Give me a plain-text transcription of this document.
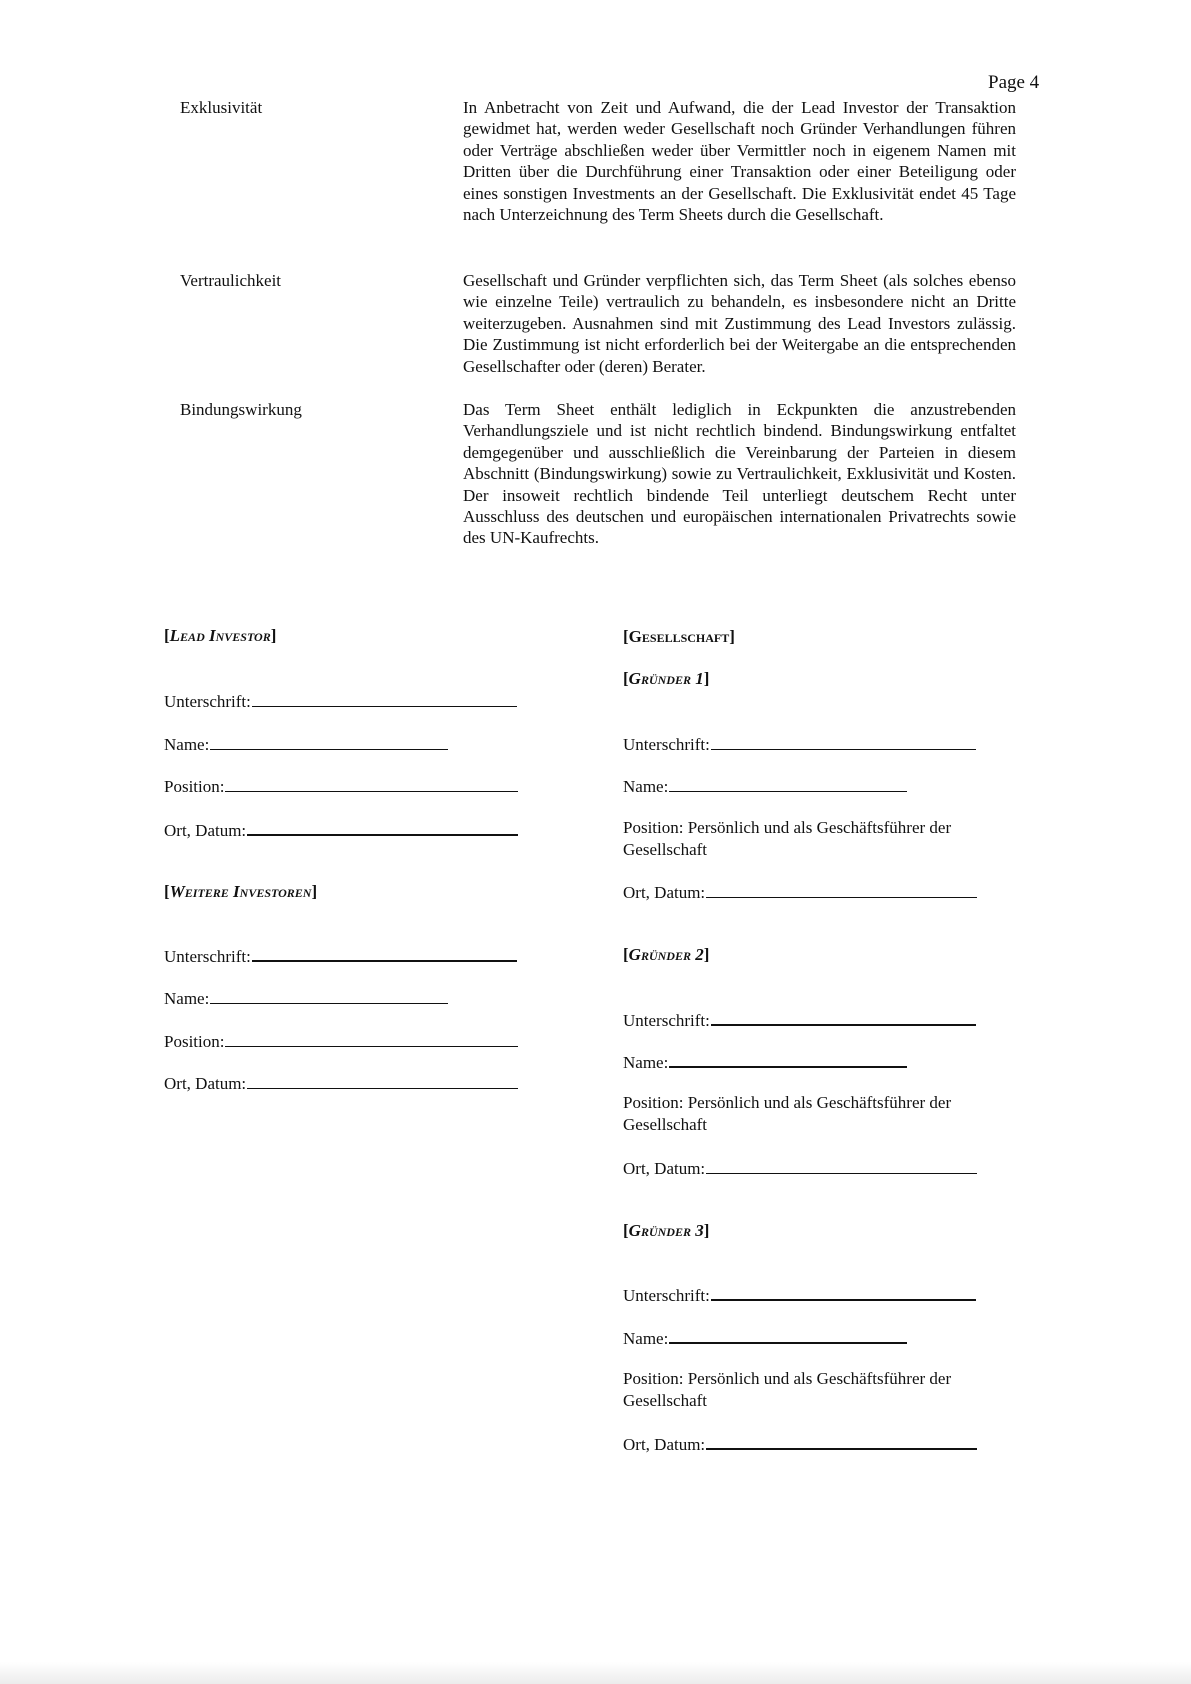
Page 4
Exklusivität	In Anbetracht von Zeit und Aufwand, die der Lead Investor der Transaktion gewidmet hat, werden weder Gesellschaft noch Gründer Verhandlungen führen oder Verträge abschließen weder über Vermittler noch in eigenem Namen mit Dritten über die Durchführung einer Transaktion oder einer Beteiligung oder eines sonstigen Investments an der Gesellschaft. Die Exklusivität endet 45 Tage nach Unterzeichnung des Term Sheets durch die Gesellschaft.
Vertraulichkeit	Gesellschaft und Gründer verpflichten sich, das Term Sheet (als solches ebenso wie einzelne Teile) vertraulich zu behandeln, es insbesondere nicht an Dritte weiterzugeben. Ausnahmen sind mit Zustimmung des Lead Investors zulässig. Die Zustimmung ist nicht erforderlich bei der Weitergabe an die entsprechenden Gesellschafter oder (deren) Berater.
Bindungswirkung	Das Term Sheet enthält lediglich in Eckpunkten die anzustrebenden Verhandlungsziele und ist nicht rechtlich bindend. Bindungswirkung entfaltet demgegenüber und ausschließlich die Vereinbarung der Parteien in diesem Abschnitt (Bindungswirkung) sowie zu Vertraulichkeit, Exklusivität und Kosten. Der insoweit rechtlich bindende Teil unterliegt deutschem Recht unter Ausschluss des deutschen und europäischen internationalen Privatrechts sowie des UN-Kaufrechts.
[Lead Investor]
Unterschrift:
Name:
Position:
Ort, Datum:
[Weitere Investoren]
Unterschrift:
Name:
Position:
Ort, Datum:
[Gesellschaft]
[Gründer 1]
Unterschrift:
Name:
Position: Persönlich und als Geschäftsführer der Gesellschaft
Ort, Datum:
[Gründer 2]
Unterschrift:
Name:
Position: Persönlich und als Geschäftsführer der Gesellschaft
Ort, Datum:
[Gründer 3]
Unterschrift:
Name:
Position: Persönlich und als Geschäftsführer der Gesellschaft
Ort, Datum:
